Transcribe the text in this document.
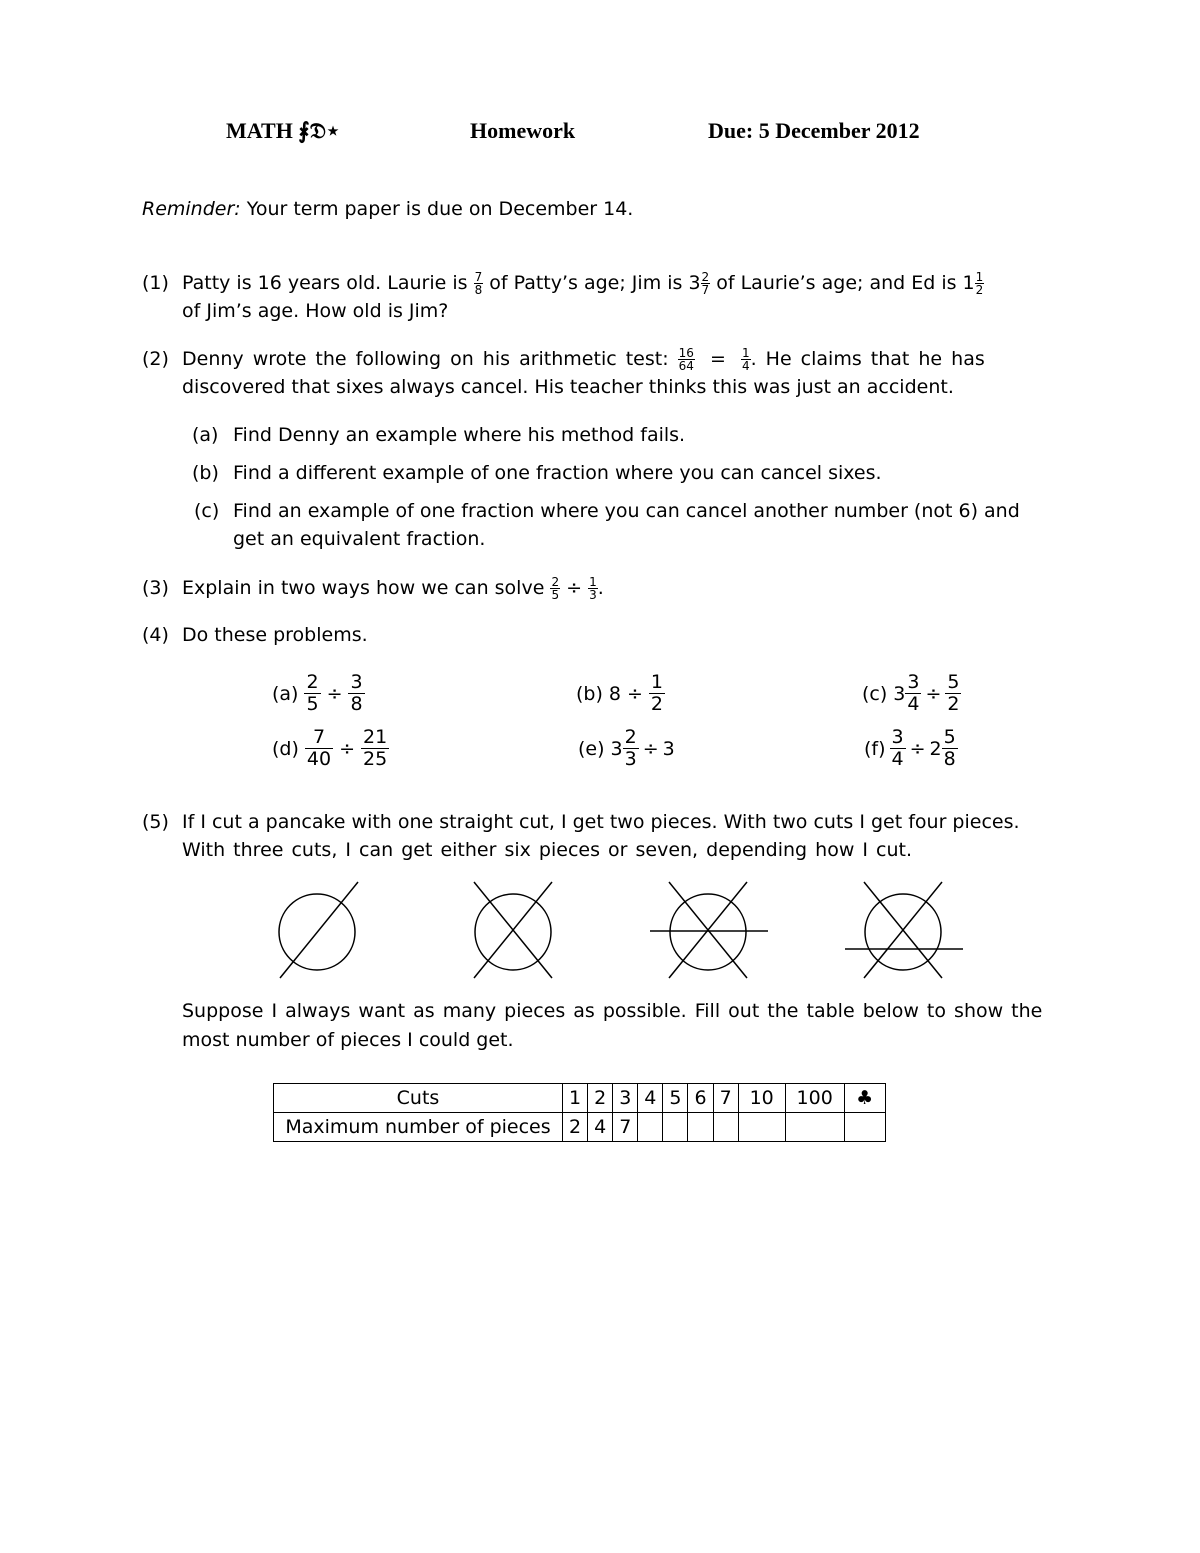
MATH ⨘𝔇⋆	Homework	Due: 5 December 2012
Reminder: Your term paper is due on December 14.
(1) Patty is 16 years old. Laurie is $\frac{7}{8}$ of Patty’s age; Jim is $3 \frac{2}{7}$ of Laurie’s age; and Ed is $1 \frac{1}{2}$
of Jim’s age. How old is Jim?
(2) Denny wrote the following on his arithmetic test: $\frac{16}{64} = \frac{1}{4}$ . He claims that he has
discovered that sixes always cancel. His teacher thinks this was just an accident.
(a) Find Denny an example where his method fails.
(b) Find a different example of one fraction where you can cancel sixes.
(c) Find an example of one fraction where you can cancel another number (not 6) and
get an equivalent fraction.
(3) Explain in two ways how we can solve $\frac{2}{5} \div \frac{1}{3}$ .
(4) Do these problems.
$(a) \frac{2}{5} \div \frac{3}{8}$	(b) $8 \div \frac{1}{2}$	(c) $3 \frac{3}{4} \div \frac{5}{2}$
$(d) \frac{7}{40} \div \frac{21}{25}$	(e) $3 \frac{2}{3} \div 3$	$(f) \frac{3}{4} \div 2 \frac{5}{8}$
(5) If I cut a pancake with one straight cut, I get two pieces. With two cuts I get four pieces.
With three cuts, I can get either six pieces or seven, depending how I cut.
Suppose I always want as many pieces as possible. Fill out the table below to show the
most number of pieces I could get.
Cuts	1	2	3	4	5	6	7	10	100	♣
Maximum number of pieces	2	4	7							
